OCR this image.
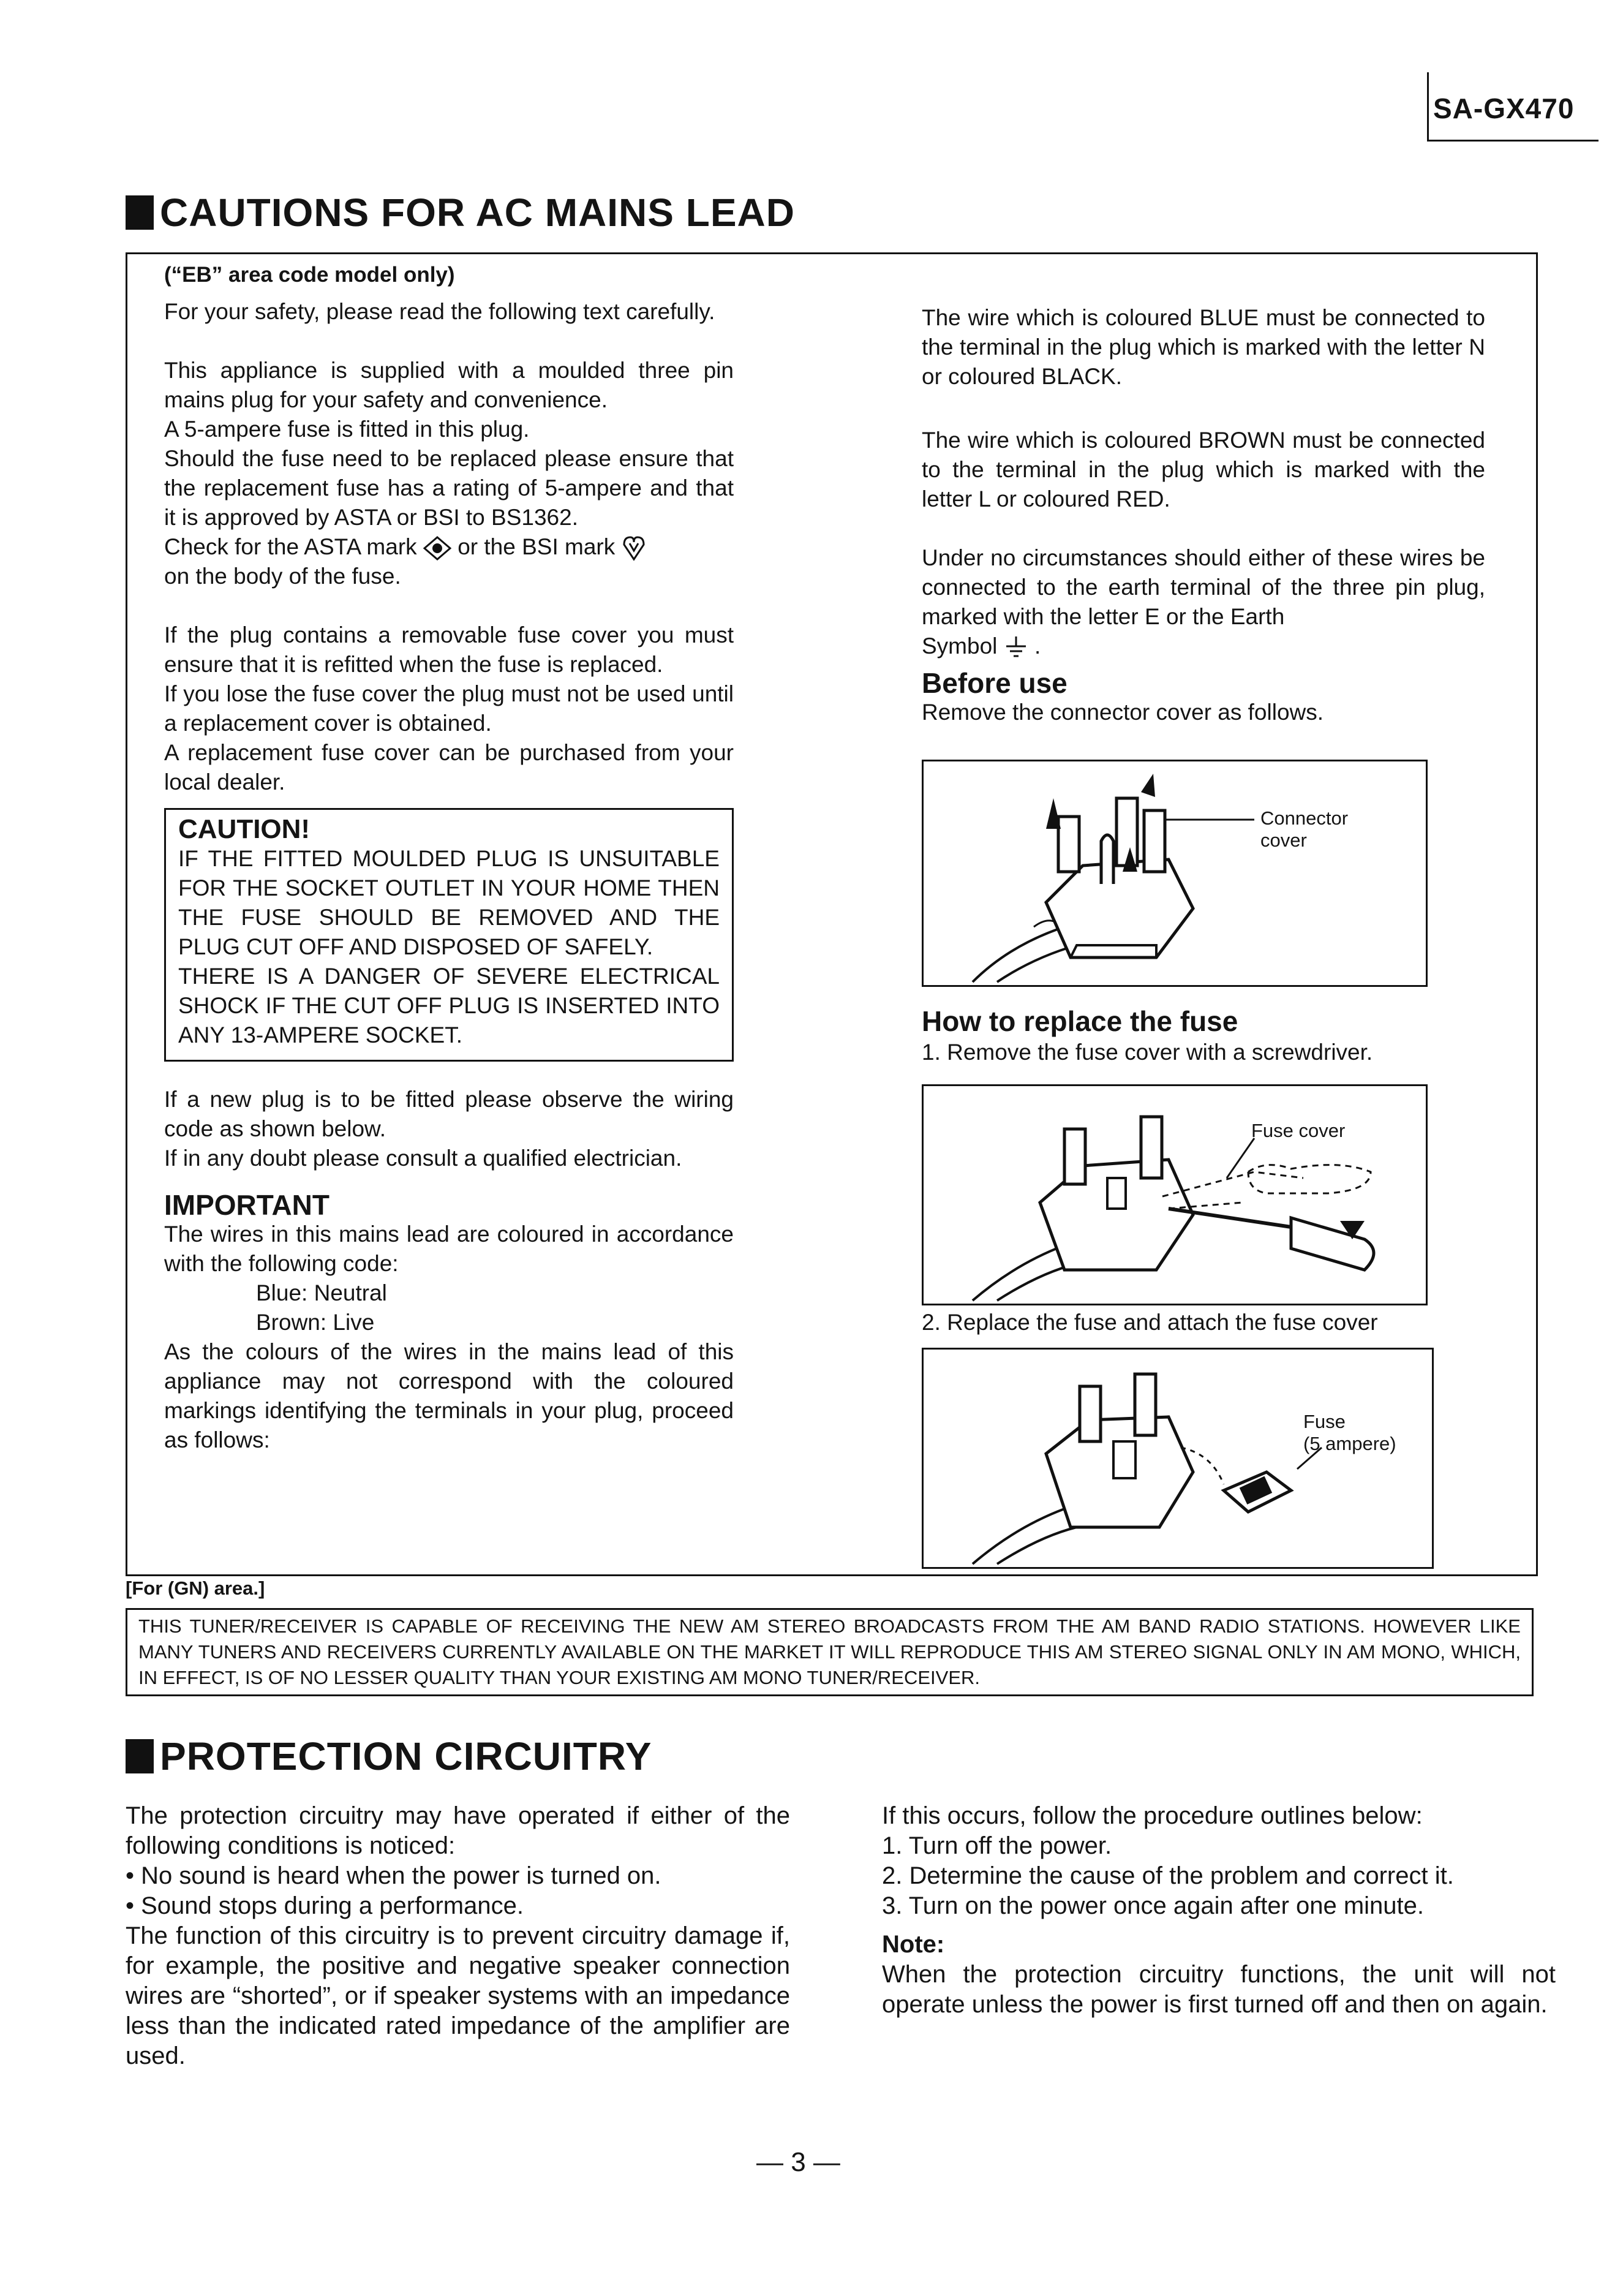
SA-GX470
CAUTIONS FOR AC MAINS LEAD

(“EB” area code model only)

For your safety, please read the following text carefully.

This appliance is supplied with a moulded three pin mains plug for your safety and convenience.

A 5-ampere fuse is fitted in this plug.

Should the fuse need to be replaced please ensure that the replacement fuse has a rating of 5-ampere and that it is approved by ASTA or BSI to BS1362.

Check for the ASTA mark or the BSI mark

on the body of the fuse.

If the plug contains a removable fuse cover you must ensure that it is refitted when the fuse is replaced.

If you lose the fuse cover the plug must not be used until a replacement cover is obtained.

A replacement fuse cover can be purchased from your local dealer.

CAUTION!

IF THE FITTED MOULDED PLUG IS UNSUITABLE FOR THE SOCKET OUTLET IN YOUR HOME THEN THE FUSE SHOULD BE REMOVED AND THE PLUG CUT OFF AND DISPOSED OF SAFELY.

THERE IS A DANGER OF SEVERE ELECTRICAL SHOCK IF THE CUT OFF PLUG IS INSERTED INTO ANY 13-AMPERE SOCKET.

If a new plug is to be fitted please observe the wiring code as shown below.

If in any doubt please consult a qualified electrician.

IMPORTANT

The wires in this mains lead are coloured in accordance with the following code:

Blue: Neutral

Brown: Live

As the colours of the wires in the mains lead of this appliance may not correspond with the coloured markings identifying the terminals in your plug, proceed as follows:

The wire which is coloured BLUE must be connected to the terminal in the plug which is marked with the letter N or coloured BLACK.

The wire which is coloured BROWN must be connected to the terminal in the plug which is marked with the letter L or coloured RED.

Under no circumstances should either of these wires be connected to the earth terminal of the three pin plug, marked with the letter E or the Earth

Symbol  .

Before use

Remove the connector cover as follows.

Connector
cover

How to replace the fuse

1. Remove the fuse cover with a screwdriver.

Fuse cover

2. Replace the fuse and attach the fuse cover

Fuse
(5 ampere)

[For (GN) area.]

THIS TUNER/RECEIVER IS CAPABLE OF RECEIVING THE NEW AM STEREO BROADCASTS FROM THE AM BAND RADIO STATIONS. HOWEVER LIKE MANY TUNERS AND RECEIVERS CURRENTLY AVAILABLE ON THE MARKET IT WILL REPRODUCE THIS AM STEREO SIGNAL ONLY IN AM MONO, WHICH, IN EFFECT, IS OF NO LESSER QUALITY THAN YOUR EXISTING AM MONO TUNER/RECEIVER.
PROTECTION CIRCUITRY

The protection circuitry may have operated if either of the following conditions is noticed:

• No sound is heard when the power is turned on.

• Sound stops during a performance.

The function of this circuitry is to prevent circuitry damage if, for example, the positive and negative speaker connection wires are “shorted”, or if speaker systems with an impedance less than the indicated rated impedance of the amplifier are used.

If this occurs, follow the procedure outlines below:

1. Turn off the power.

2. Determine the cause of the problem and correct it.

3. Turn on the power once again after one minute.

Note:

When the protection circuitry functions, the unit will not operate unless the power is first turned off and then on again.

— 3 —
